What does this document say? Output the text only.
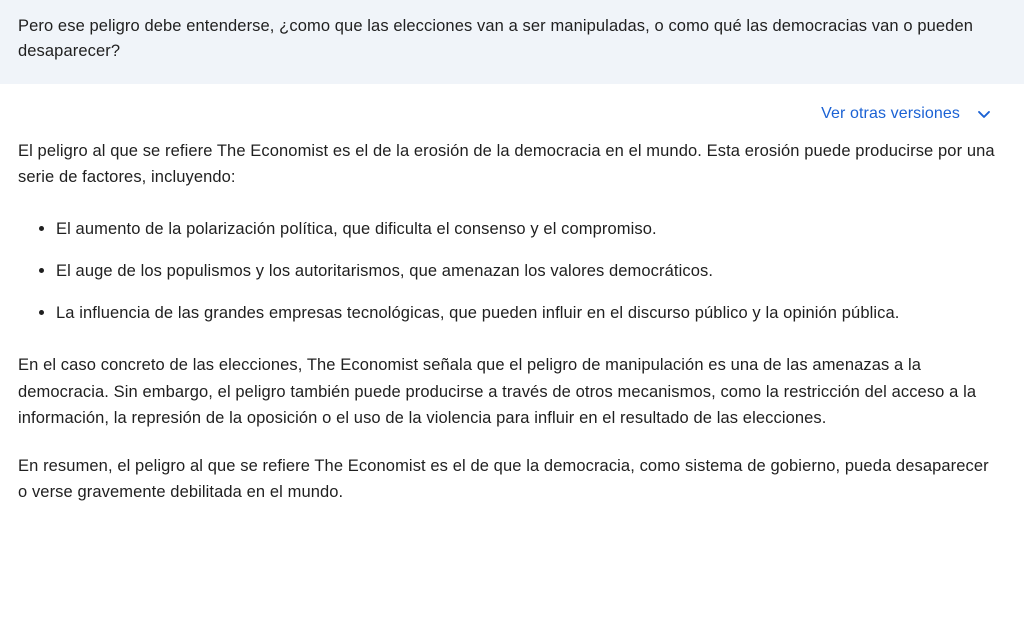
Pero ese peligro debe entenderse, ¿como que las elecciones van a ser manipuladas, o como qué las democracias van o pueden desaparecer?

Ver otras versiones

El peligro al que se refiere The Economist es el de la erosión de la democracia en el mundo. Esta erosión puede producirse por una serie de factores, incluyendo:

El aumento de la polarización política, que dificulta el consenso y el compromiso.
El auge de los populismos y los autoritarismos, que amenazan los valores democráticos.
La influencia de las grandes empresas tecnológicas, que pueden influir en el discurso público y la opinión pública.

En el caso concreto de las elecciones, The Economist señala que el peligro de manipulación es una de las amenazas a la democracia. Sin embargo, el peligro también puede producirse a través de otros mecanismos, como la restricción del acceso a la información, la represión de la oposición o el uso de la violencia para influir en el resultado de las elecciones.

En resumen, el peligro al que se refiere The Economist es el de que la democracia, como sistema de gobierno, pueda desaparecer o verse gravemente debilitada en el mundo.
